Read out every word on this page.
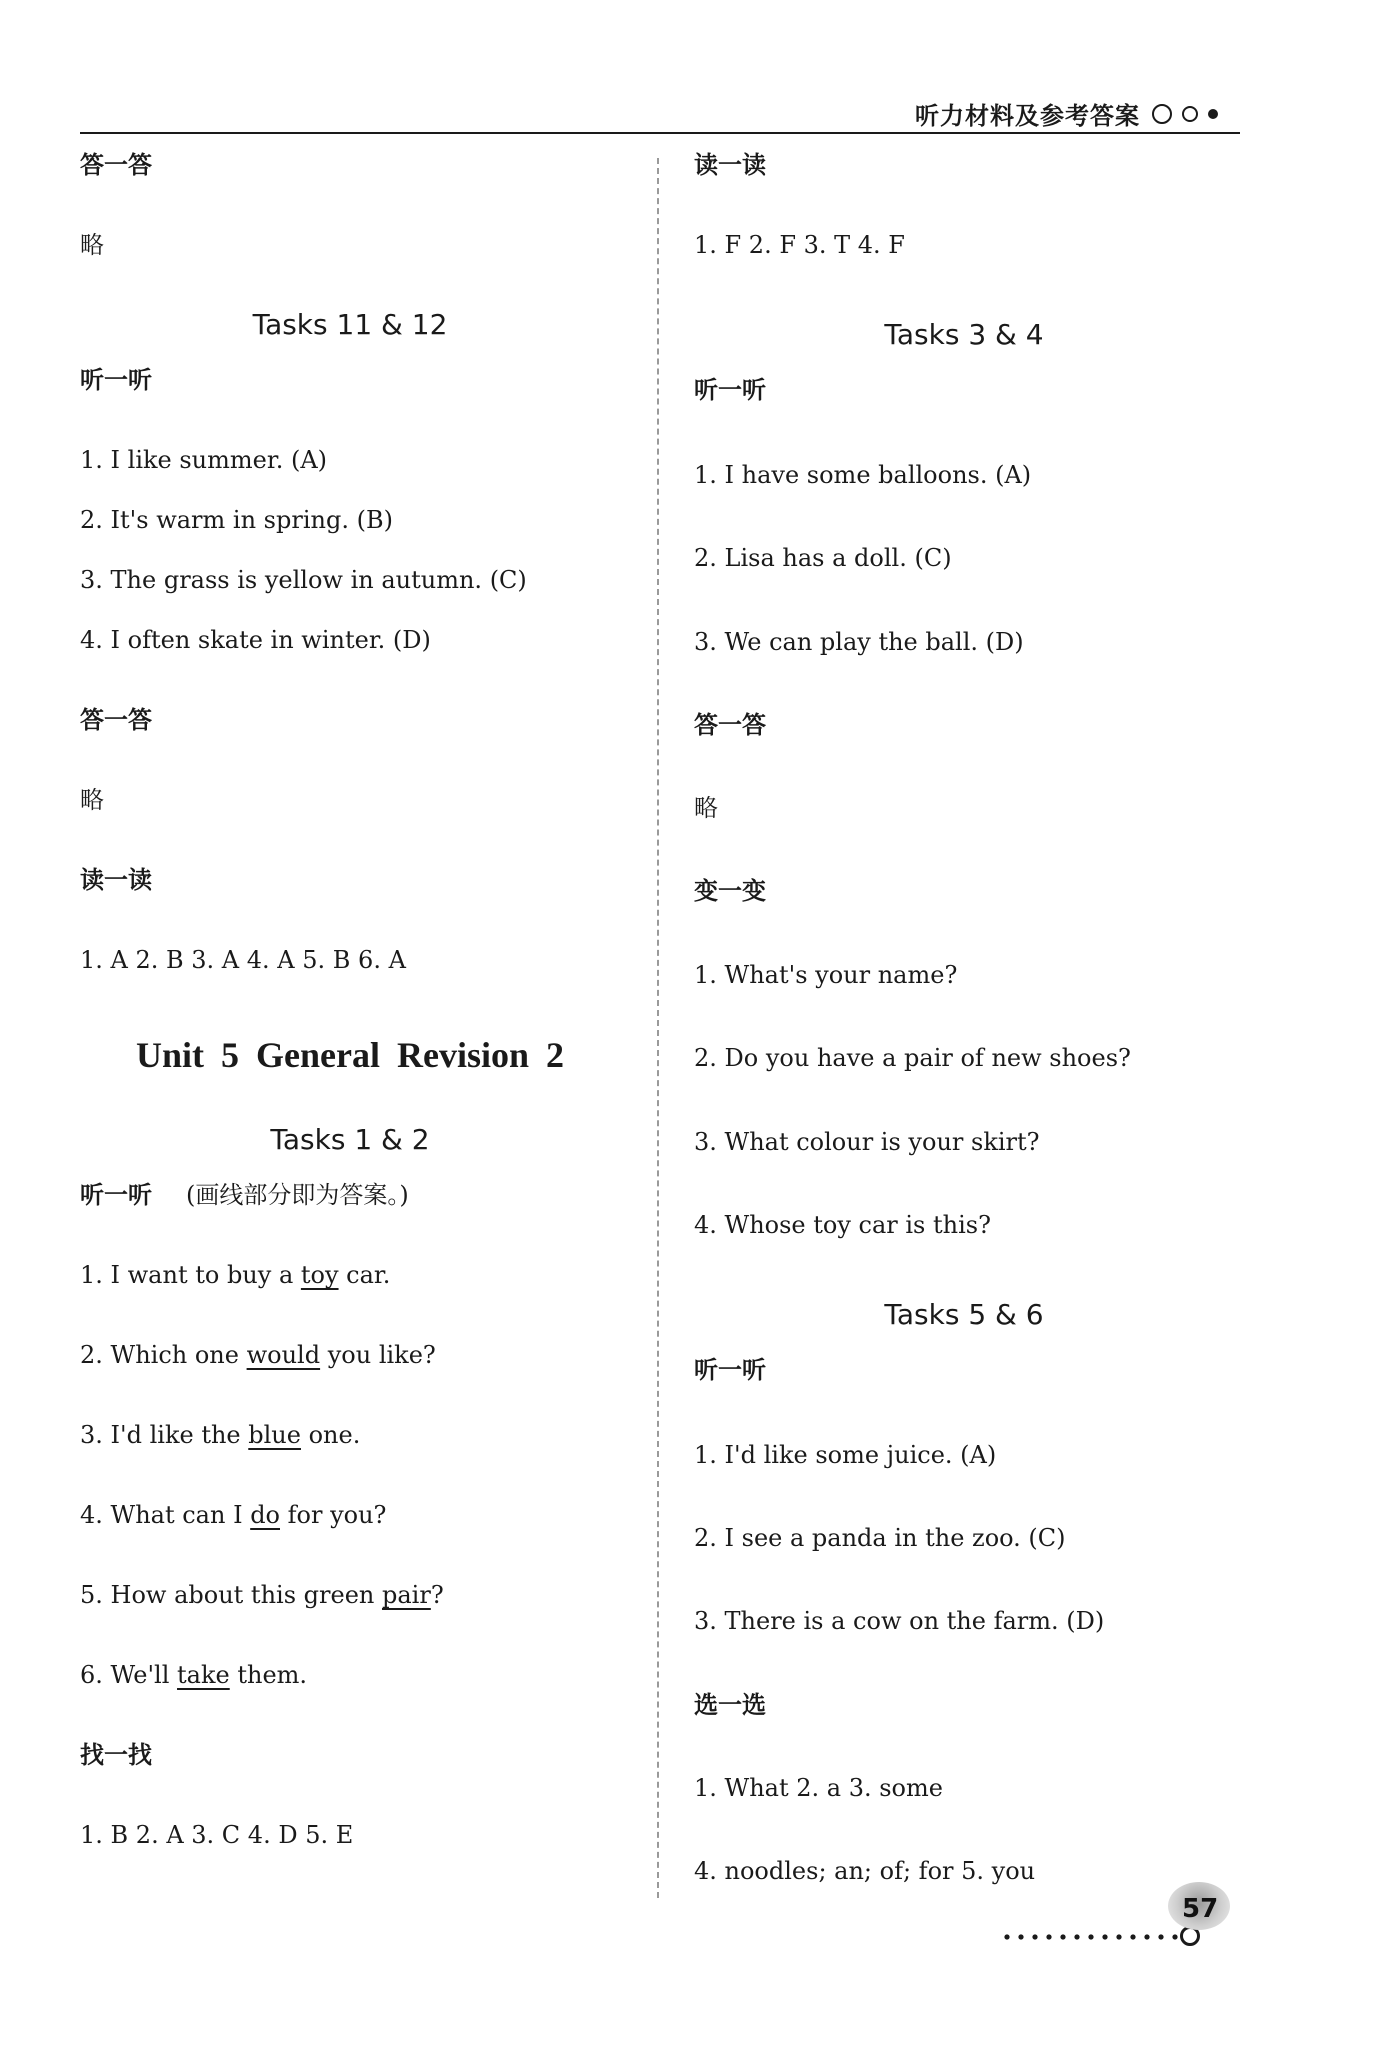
听力材料及参考答案
答一答
略
Tasks 11 & 12
听一听
1. I like summer. (A)
2. It's warm in spring. (B)
3. The grass is yellow in autumn. (C)
4. I often skate in winter. (D)
答一答
略
读一读
1. A 2. B 3. A 4. A 5. B 6. A
Unit 5 General Revision 2
Tasks 1 & 2
听一听 (画线部分即为答案。)
1. I want to buy a toy car.
2. Which one would you like?
3. I'd like the blue one.
4. What can I do for you?
5. How about this green pair?
6. We'll take them.
找一找
1. B 2. A 3. C 4. D 5. E
读一读
1. F 2. F 3. T 4. F
Tasks 3 & 4
听一听
1. I have some balloons. (A)
2. Lisa has a doll. (C)
3. We can play the ball. (D)
答一答
略
变一变
1. What's your name?
2. Do you have a pair of new shoes?
3. What colour is your skirt?
4. Whose toy car is this?
Tasks 5 & 6
听一听
1. I'd like some juice. (A)
2. I see a panda in the zoo. (C)
3. There is a cow on the farm. (D)
选一选
1. What 2. a 3. some
4. noodles; an; of; for 5. you
57
